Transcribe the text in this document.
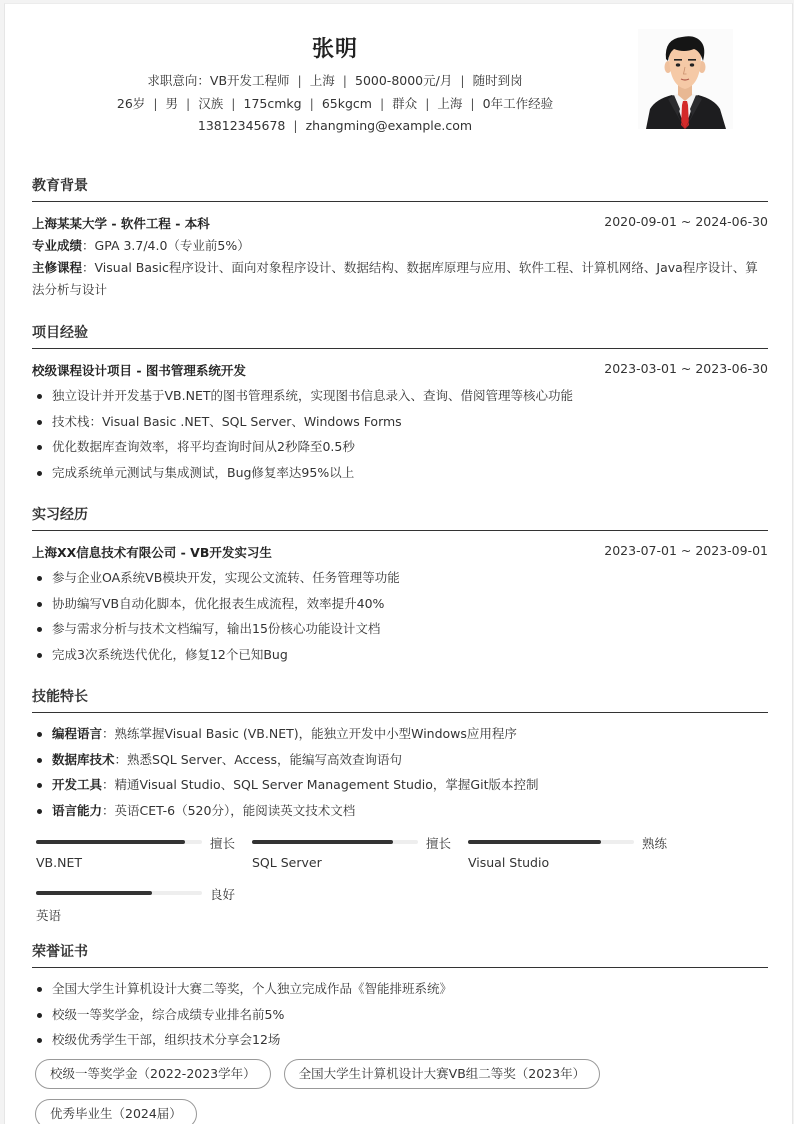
张明
求职意向：VB开发工程师 | 上海 | 5000-8000元/月 | 随时到岗
26岁 | 男 | 汉族 | 175cmkg | 65kgcm | 群众 | 上海 | 0年工作经验
13812345678 | zhangming@example.com
教育背景
上海某某大学 - 软件工程 - 本科	2020-09-01 ~ 2024-06-30
专业成绩：GPA 3.7/4.0（专业前5%）
主修课程：Visual Basic程序设计、面向对象程序设计、数据结构、数据库原理与应用、软件工程、计算机网络、Java程序设计、算法分析与设计
项目经验
校级课程设计项目 - 图书管理系统开发	2023-03-01 ~ 2023-06-30
独立设计并开发基于VB.NET的图书管理系统，实现图书信息录入、查询、借阅管理等核心功能
技术栈：Visual Basic .NET、SQL Server、Windows Forms
优化数据库查询效率，将平均查询时间从2秒降至0.5秒
完成系统单元测试与集成测试，Bug修复率达95%以上
实习经历
上海XX信息技术有限公司 - VB开发实习生	2023-07-01 ~ 2023-09-01
参与企业OA系统VB模块开发，实现公文流转、任务管理等功能
协助编写VB自动化脚本，优化报表生成流程，效率提升40%
参与需求分析与技术文档编写，输出15份核心功能设计文档
完成3次系统迭代优化，修复12个已知Bug
技能特长
编程语言：熟练掌握Visual Basic (VB.NET)，能独立开发中小型Windows应用程序
数据库技术：熟悉SQL Server、Access，能编写高效查询语句
开发工具：精通Visual Studio、SQL Server Management Studio，掌握Git版本控制
语言能力：英语CET-6（520分），能阅读英文技术文档
擅长
VB.NET
擅长
SQL Server
熟练
Visual Studio
良好
英语
荣誉证书
全国大学生计算机设计大赛二等奖，个人独立完成作品《智能排班系统》
校级一等奖学金，综合成绩专业排名前5%
校级优秀学生干部，组织技术分享会12场
校级一等奖学金（2022-2023学年）	全国大学生计算机设计大赛VB组二等奖（2023年）
优秀毕业生（2024届）
